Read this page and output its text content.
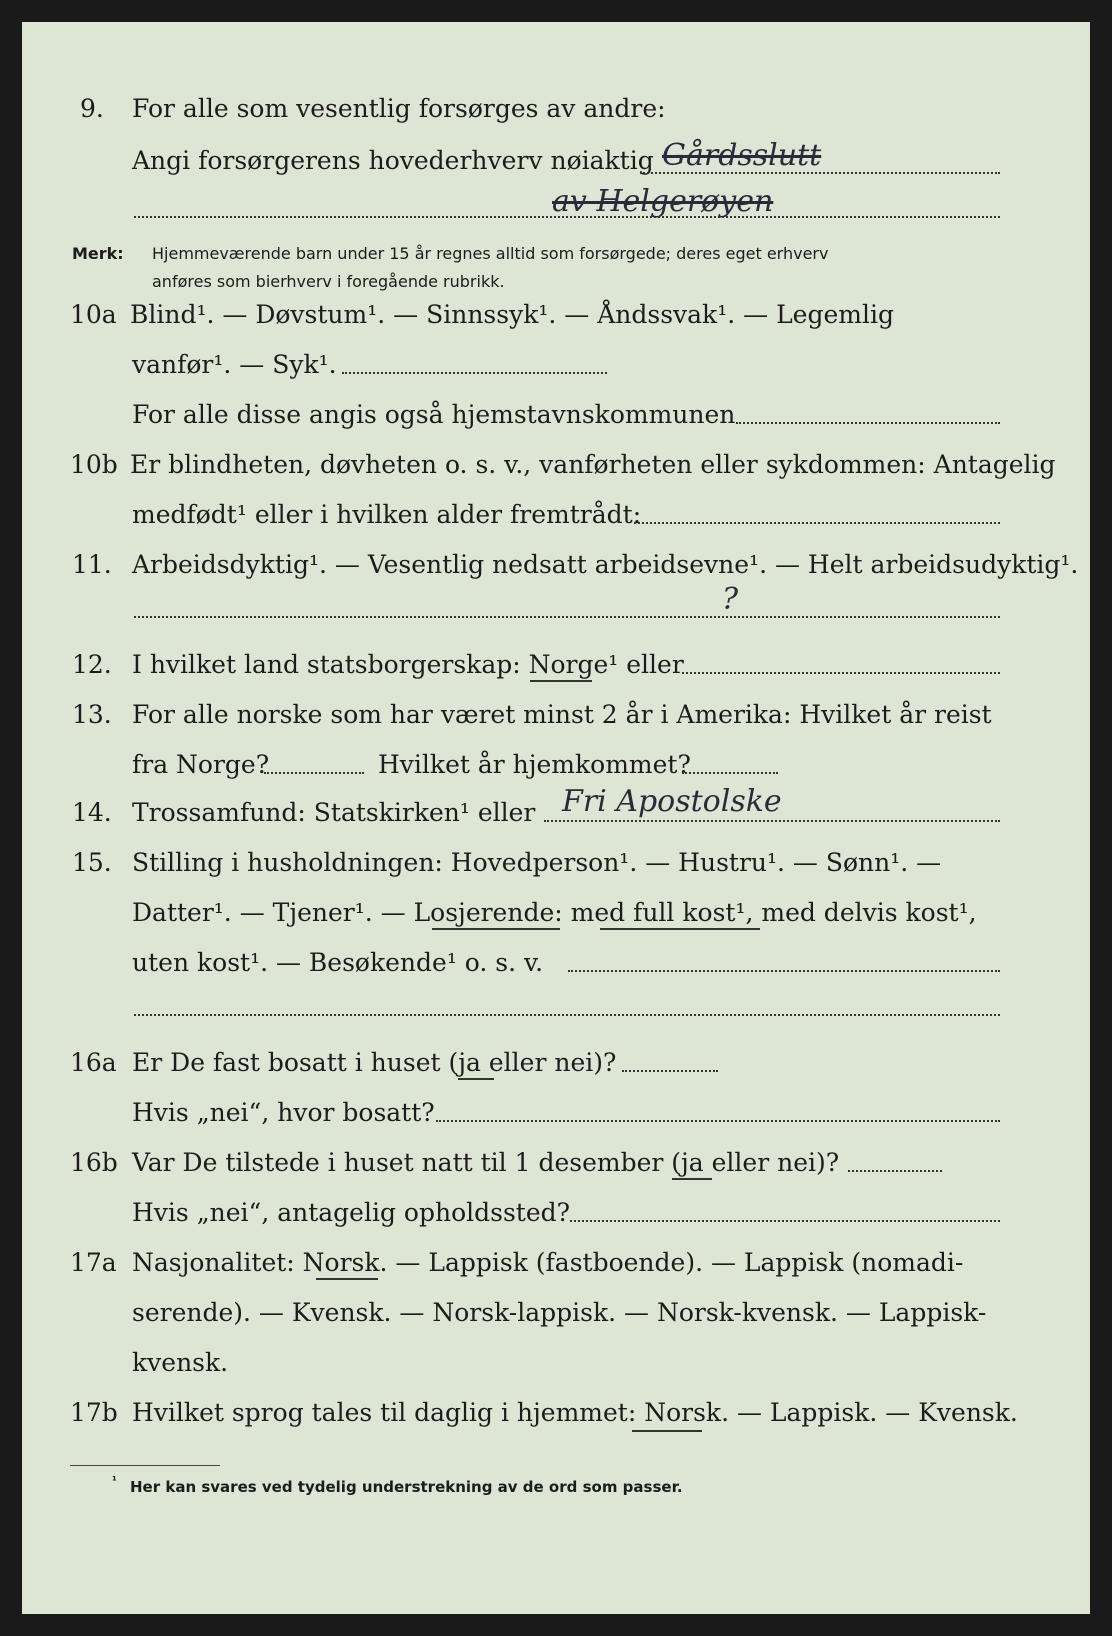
9. For alle som vesentlig forsørges av andre:
Angi forsørgerens hovederhverv nøiaktig Gårdsslutt
av Helgerøyen
Merk: Hjemmeværende barn under 15 år regnes alltid som forsørgede; deres eget erhverv
anføres som bierhverv i foregående rubrikk.
10a Blind¹. — Døvstum¹. — Sinnssyk¹. — Åndssvak¹. — Legemlig
vanfør¹. — Syk¹.
For alle disse angis også hjemstavnskommunen
10b Er blindheten, døvheten o. s. v., vanførheten eller sykdommen: Antagelig
medfødt¹ eller i hvilken alder fremtrådt:
11. Arbeidsdyktig¹. — Vesentlig nedsatt arbeidsevne¹. — Helt arbeidsudyktig¹.
?
12. I hvilket land statsborgerskap: Norge¹ eller
13. For alle norske som har været minst 2 år i Amerika: Hvilket år reist
fra Norge?	Hvilket år hjemkommet?
14. Trossamfund: Statskirken¹ eller Fri Apostolske
15. Stilling i husholdningen: Hovedperson¹. — Hustru¹. — Sønn¹. —
Datter¹. — Tjener¹. — Losjerende: med full kost¹, med delvis kost¹,
uten kost¹. — Besøkende¹ o. s. v.
16a Er De fast bosatt i huset (ja eller nei)?
Hvis „nei“, hvor bosatt?
16b Var De tilstede i huset natt til 1 desember (ja eller nei)?
Hvis „nei“, antagelig opholdssted?
17a Nasjonalitet: Norsk. — Lappisk (fastboende). — Lappisk (nomadi-
serende). — Kvensk. — Norsk-lappisk. — Norsk-kvensk. — Lappisk-
kvensk.
17b Hvilket sprog tales til daglig i hjemmet: Norsk. — Lappisk. — Kvensk.
¹ Her kan svares ved tydelig understrekning av de ord som passer.
